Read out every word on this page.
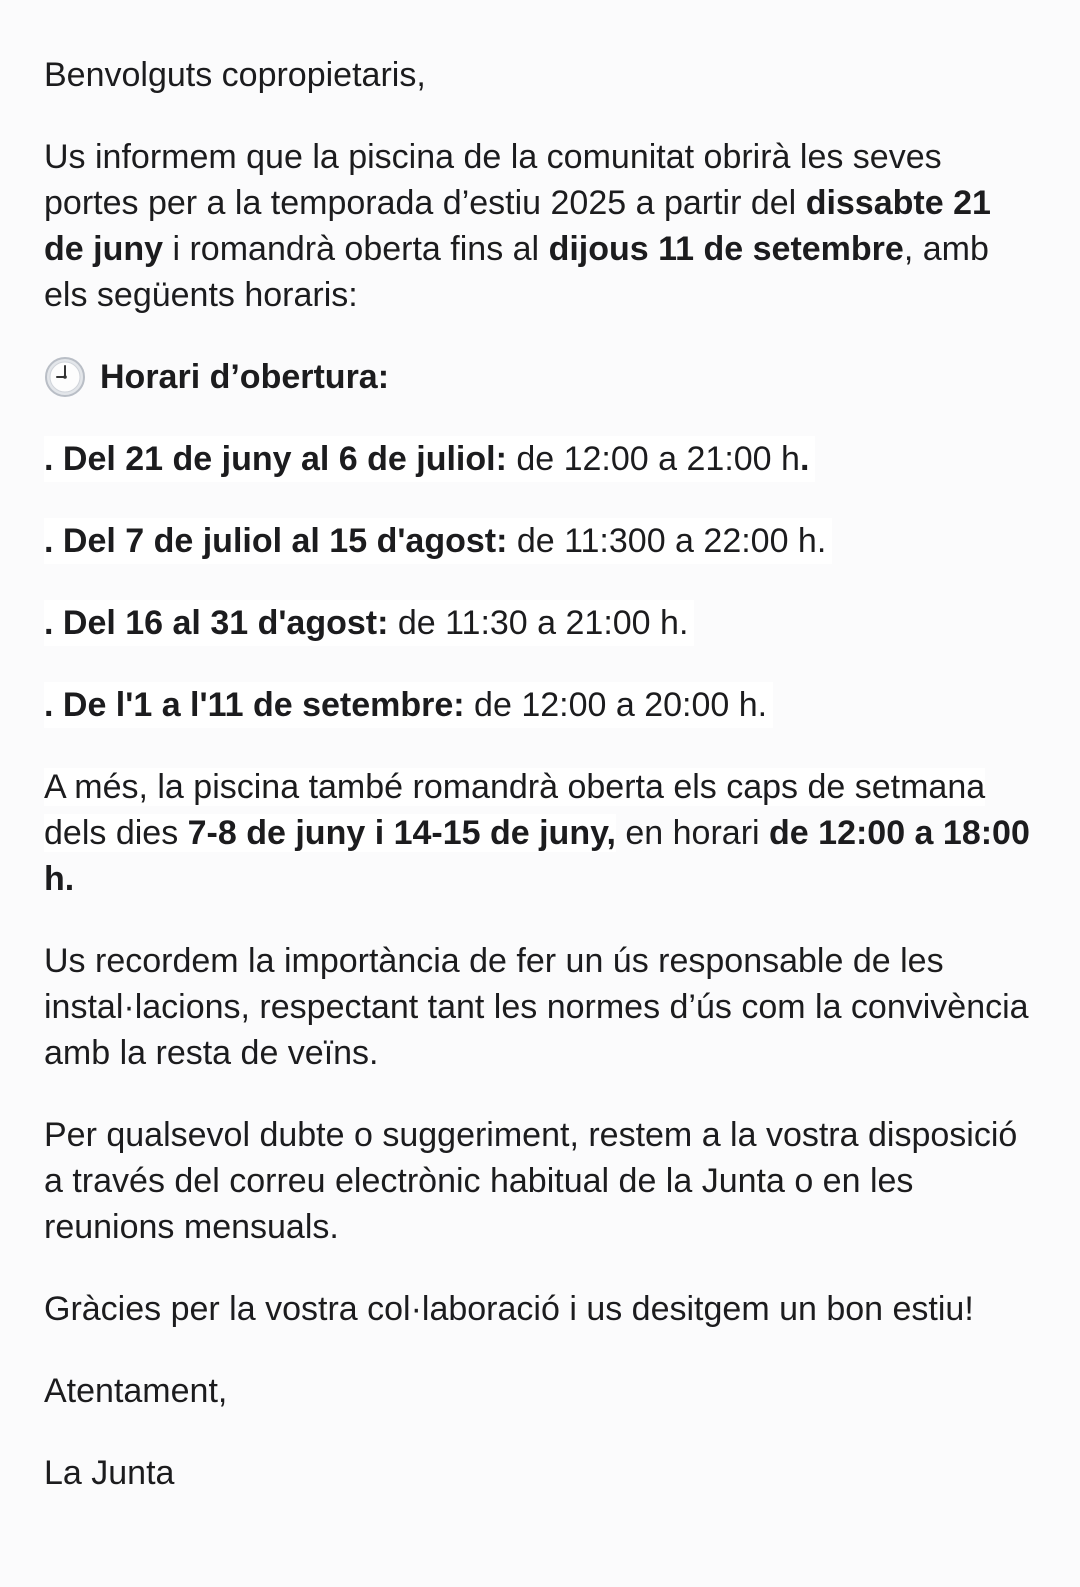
Benvolguts copropietaris,

Us informem que la piscina de la comunitat obrirà les seves portes per a la temporada d’estiu 2025 a partir del dissabte 21 de juny i romandrà oberta fins al dijous 11 de setembre, amb els següents horaris:

Horari d’obertura:
. Del 21 de juny al 6 de juliol: de 12:00 a 21:00 h.
. Del 7 de juliol al 15 d'agost: de 11:300 a 22:00 h.
. Del 16 al 31 d'agost: de 11:30 a 21:00 h.
. De l'1 a l'11 de setembre: de 12:00 a 20:00 h.

A més, la piscina també romandrà oberta els caps de setmana dels dies 7-8 de juny i 14-15 de juny, en horari de 12:00 a 18:00 h.

Us recordem la importància de fer un ús responsable de les instal·lacions, respectant tant les normes d’ús com la convivència amb la resta de veïns.

Per qualsevol dubte o suggeriment, restem a la vostra disposició a través del correu electrònic habitual de la Junta o en les reunions mensuals.

Gràcies per la vostra col·laboració i us desitgem un bon estiu!

Atentament,

La Junta
